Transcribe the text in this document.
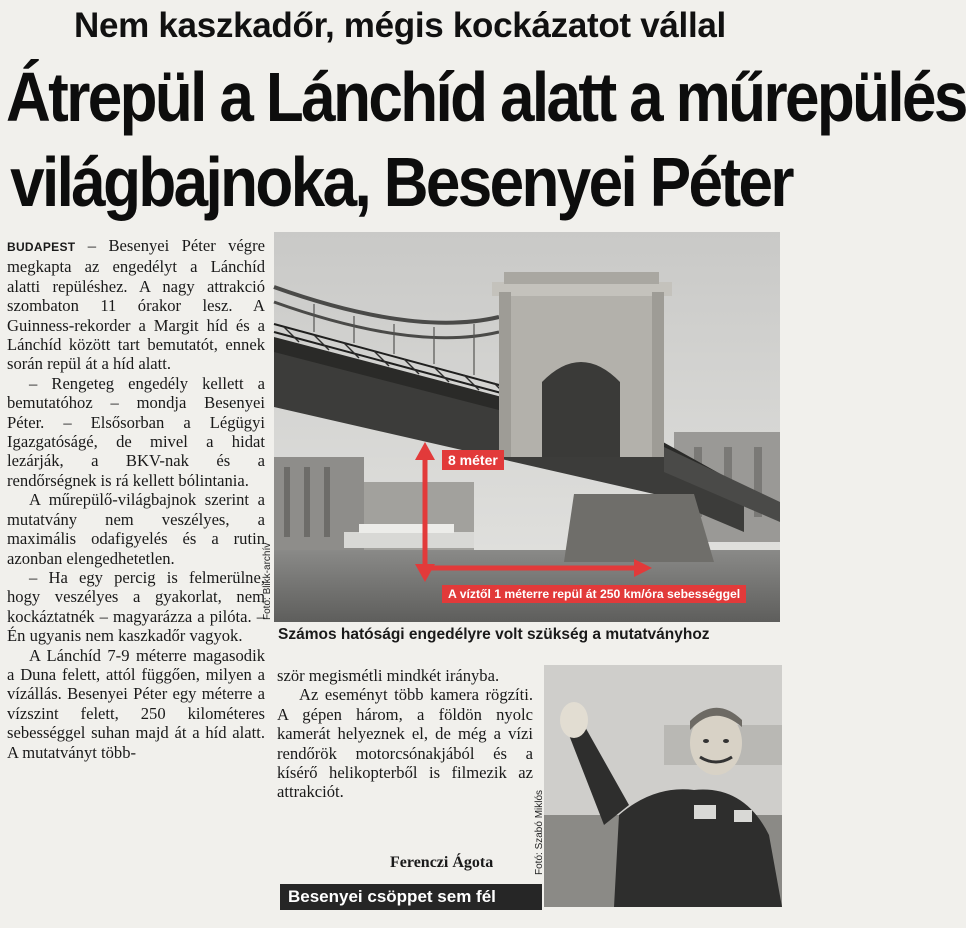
Nem kaszkadőr, mégis kockázatot vállal
Átrepül a Lánchíd alatt a műrepülés
világbajnoka, Besenyei Péter

BUDAPEST – Besenyei Péter végre megkapta az engedélyt a Lánchíd alatti repüléshez. A nagy attrakció szombaton 11 órakor lesz. A Guinness-rekorder a Margit híd és a Lánchíd között tart bemutatót, ennek során repül át a híd alatt.

– Rengeteg engedély kellett a bemutatóhoz – mondja Besenyei Péter. – Elsősorban a Légügyi Igazgatóságé, de mivel a hidat lezárják, a BKV-nak és a rendőrségnek is rá kellett bólintania.

A műrepülő-világbajnok szerint a mutatvány nem veszélyes, a maximális odafigyelés és a rutin azonban elengedhetetlen.

– Ha egy percig is felmerülne, hogy veszélyes a gyakorlat, nem kockáztatnék – magyarázza a pilóta. – Én ugyanis nem kaszkadőr vagyok.

A Lánchíd 7-9 méterre magasodik a Duna felett, attól függően, milyen a vízállás. Besenyei Péter egy méterre a vízszint felett, 250 kilométeres sebességgel suhan majd át a híd alatt. A mutatványt több-

8 méter
A víztől 1 méterre repül át 250 km/óra sebességgel
Fotó: Blikk-archív
Számos hatósági engedélyre volt szükség a mutatványhoz

ször megismétli mindkét irányba.

Az eseményt több kamera rögzíti. A gépen három, a földön nyolc kamerát helyeznek el, de még a vízi rendőrök motorcsónakjából és a kísérő helikopterből is filmezik az attrakciót.

Ferenczi Ágota	Fotó: Szabó Miklós
Besenyei csöppet sem fél
